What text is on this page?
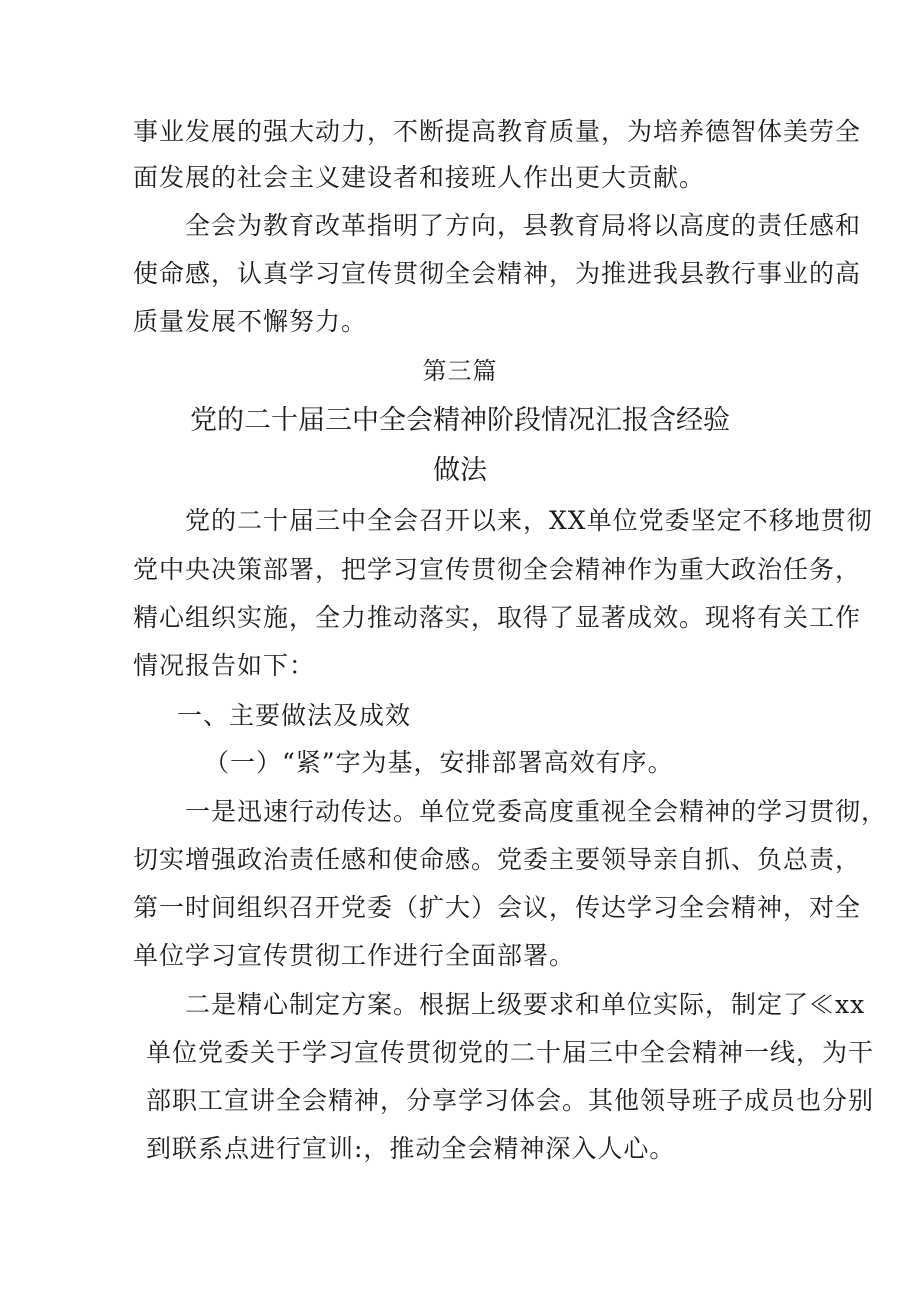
事业发展的强大动力，不断提高教育质量，为培养德智体美劳全
面发展的社会主义建设者和接班人作出更大贡献。
全会为教育改革指明了方向，县教育局将以高度的责任感和
使命感，认真学习宣传贯彻全会精神，为推进我县教行事业的高
质量发展不懈努力。
第三篇
党的二十届三中全会精神阶段情况汇报含经验
做法
党的二十届三中全会召开以来，XX单位党委坚定不移地贯彻
党中央决策部署，把学习宣传贯彻全会精神作为重大政治任务，
精心组织实施，全力推动落实，取得了显著成效。现将有关工作
情况报告如下：
一、主要做法及成效
（一）“紧”字为基，安排部署高效有序。
一是迅速行动传达。单位党委高度重视全会精神的学习贯彻，
切实增强政治责任感和使命感。党委主要领导亲自抓、负总责，
第一时间组织召开党委（扩大）会议，传达学习全会精神，对全
单位学习宣传贯彻工作进行全面部署。
二是精心制定方案。根据上级要求和单位实际，制定了≪xx
单位党委关于学习宣传贯彻党的二十届三中全会精神一线，为干
部职工宣讲全会精神，分享学习体会。其他领导班子成员也分别
到联系点进行宣训:，推动全会精神深入人心。
